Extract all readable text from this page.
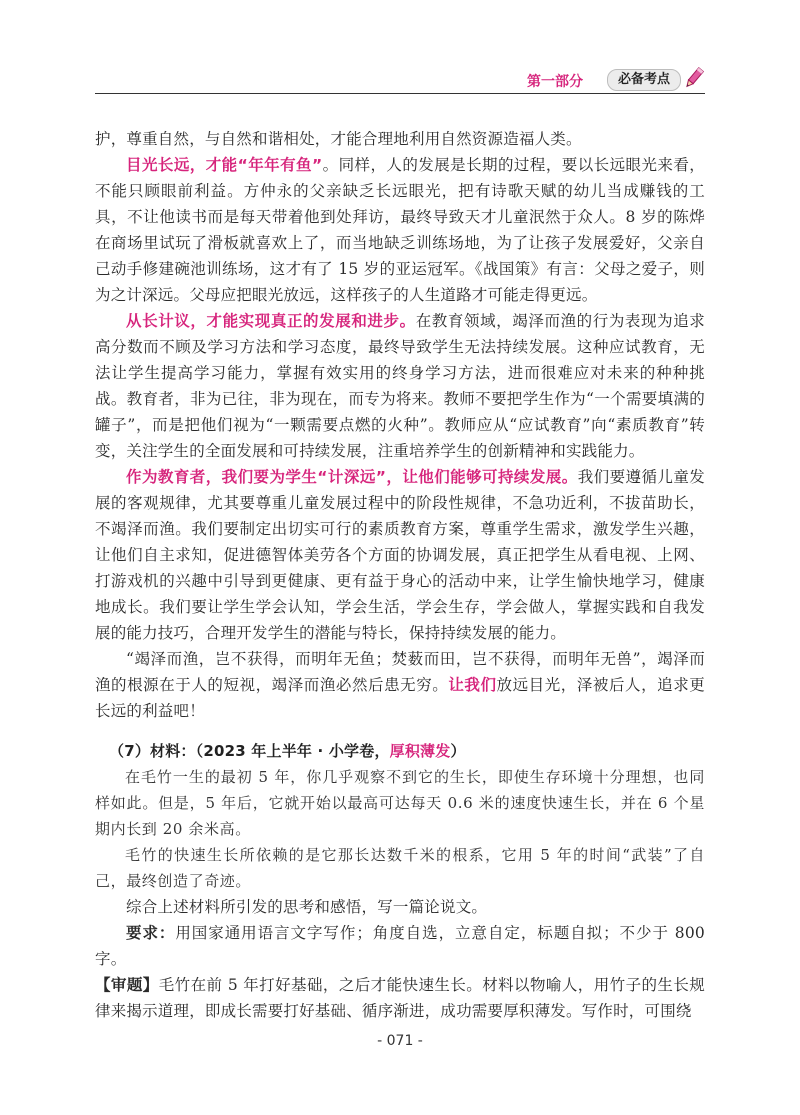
第一部分	必备考点

护，尊重自然，与自然和谐相处，才能合理地利用自然资源造福人类。

目光长远，才能“年年有鱼”。同样，人的发展是长期的过程，要以长远眼光来看，不能只顾眼前利益。方仲永的父亲缺乏长远眼光，把有诗歌天赋的幼儿当成赚钱的工具，不让他读书而是每天带着他到处拜访，最终导致天才儿童泯然于众人。8 岁的陈烨在商场里试玩了滑板就喜欢上了，而当地缺乏训练场地，为了让孩子发展爱好，父亲自己动手修建碗池训练场，这才有了 15 岁的亚运冠军。《战国策》有言：父母之爱子，则为之计深远。父母应把眼光放远，这样孩子的人生道路才可能走得更远。

从长计议，才能实现真正的发展和进步。在教育领域，竭泽而渔的行为表现为追求高分数而不顾及学习方法和学习态度，最终导致学生无法持续发展。这种应试教育，无法让学生提高学习能力，掌握有效实用的终身学习方法，进而很难应对未来的种种挑战。教育者，非为已往，非为现在，而专为将来。教师不要把学生作为“一个需要填满的罐子”，而是把他们视为“一颗需要点燃的火种”。教师应从“应试教育”向“素质教育”转变，关注学生的全面发展和可持续发展，注重培养学生的创新精神和实践能力。

作为教育者，我们要为学生“计深远”，让他们能够可持续发展。我们要遵循儿童发展的客观规律，尤其要尊重儿童发展过程中的阶段性规律，不急功近利，不拔苗助长，不竭泽而渔。我们要制定出切实可行的素质教育方案，尊重学生需求，激发学生兴趣，让他们自主求知，促进德智体美劳各个方面的协调发展，真正把学生从看电视、上网、打游戏机的兴趣中引导到更健康、更有益于身心的活动中来，让学生愉快地学习，健康地成长。我们要让学生学会认知，学会生活，学会生存，学会做人，掌握实践和自我发展的能力技巧，合理开发学生的潜能与特长，保持持续发展的能力。

“竭泽而渔，岂不获得，而明年无鱼；焚薮而田，岂不获得，而明年无兽”，竭泽而渔的根源在于人的短视，竭泽而渔必然后患无穷。让我们放远目光，泽被后人，追求更长远的利益吧！

（7）材料：（2023 年上半年 · 小学卷，厚积薄发）

在毛竹一生的最初 5 年，你几乎观察不到它的生长，即使生存环境十分理想，也同样如此。但是，5 年后，它就开始以最高可达每天 0.6 米的速度快速生长，并在 6 个星期内长到 20 余米高。

毛竹的快速生长所依赖的是它那长达数千米的根系，它用 5 年的时间“武装”了自己，最终创造了奇迹。

综合上述材料所引发的思考和感悟，写一篇论说文。

要求：用国家通用语言文字写作；角度自选，立意自定，标题自拟；不少于 800 字。

【审题】毛竹在前 5 年打好基础，之后才能快速生长。材料以物喻人，用竹子的生长规律来揭示道理，即成长需要打好基础、循序渐进，成功需要厚积薄发。写作时，可围绕

- 071 -
